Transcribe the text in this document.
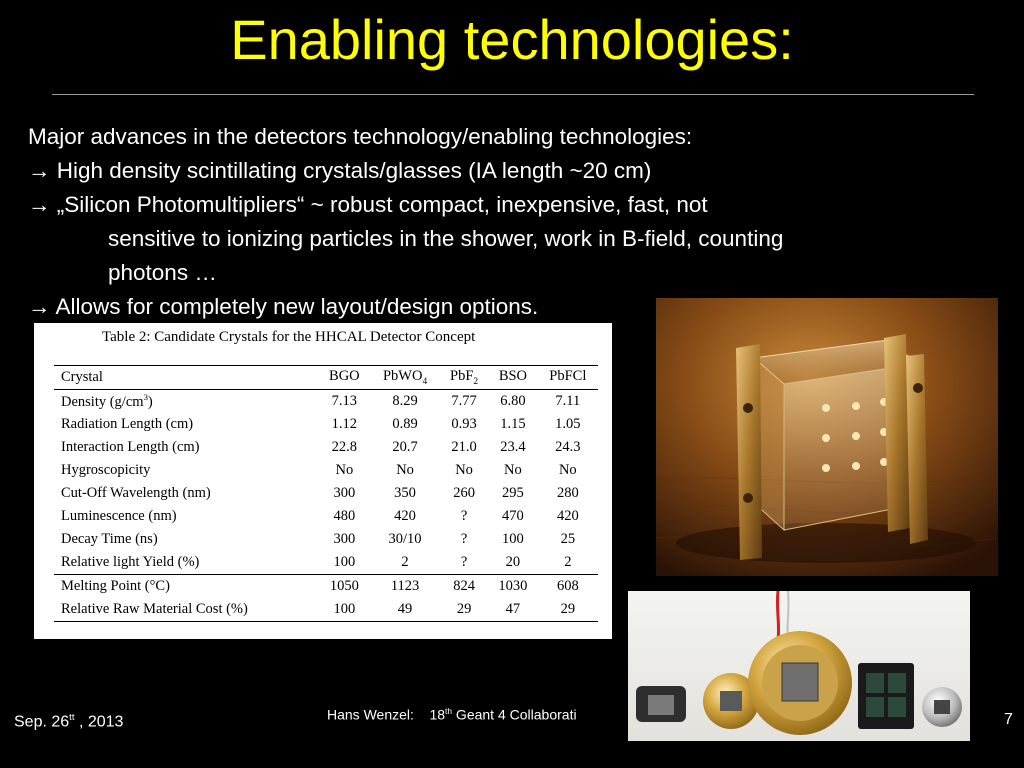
Enabling technologies:
Major advances in the detectors technology/enabling technologies:
→ High density scintillating crystals/glasses (IA length ~20 cm)
→ „Silicon Photomultipliers“ ~ robust compact, inexpensive, fast, not
sensitive to ionizing particles in the shower, work in B-field, counting
photons …
→ Allows for completely new layout/design options.
Table 2: Candidate Crystals for the HHCAL Detector Concept
Crystal	BGO	PbWO$_4$	PbF$_2$	BSO	PbFCl
Density $(g/cm^3)$	7.13	8.29	7.77	6.80	7.11
Radiation Length (cm)	1.12	0.89	0.93	1.15	1.05
Interaction Length (cm)	22.8	20.7	21.0	23.4	24.3
Hygroscopicity	No	No	No	No	No
Cut-Off Wavelength (nm)	300	350	260	295	280
Luminescence (nm)	480	420	?	470	420
Decay Time (ns)	300	30/10	?	100	25
Relative light Yield (%)	100	2	?	20	2
Melting Point (°C)	1050	1123	824	1030	608
Relative Raw Material Cost (%)	100	49	29	47	29
Sep. $26^{tt}$ , 2013	Hans Wenzel: 18th Geant 4 Collaborati	7
